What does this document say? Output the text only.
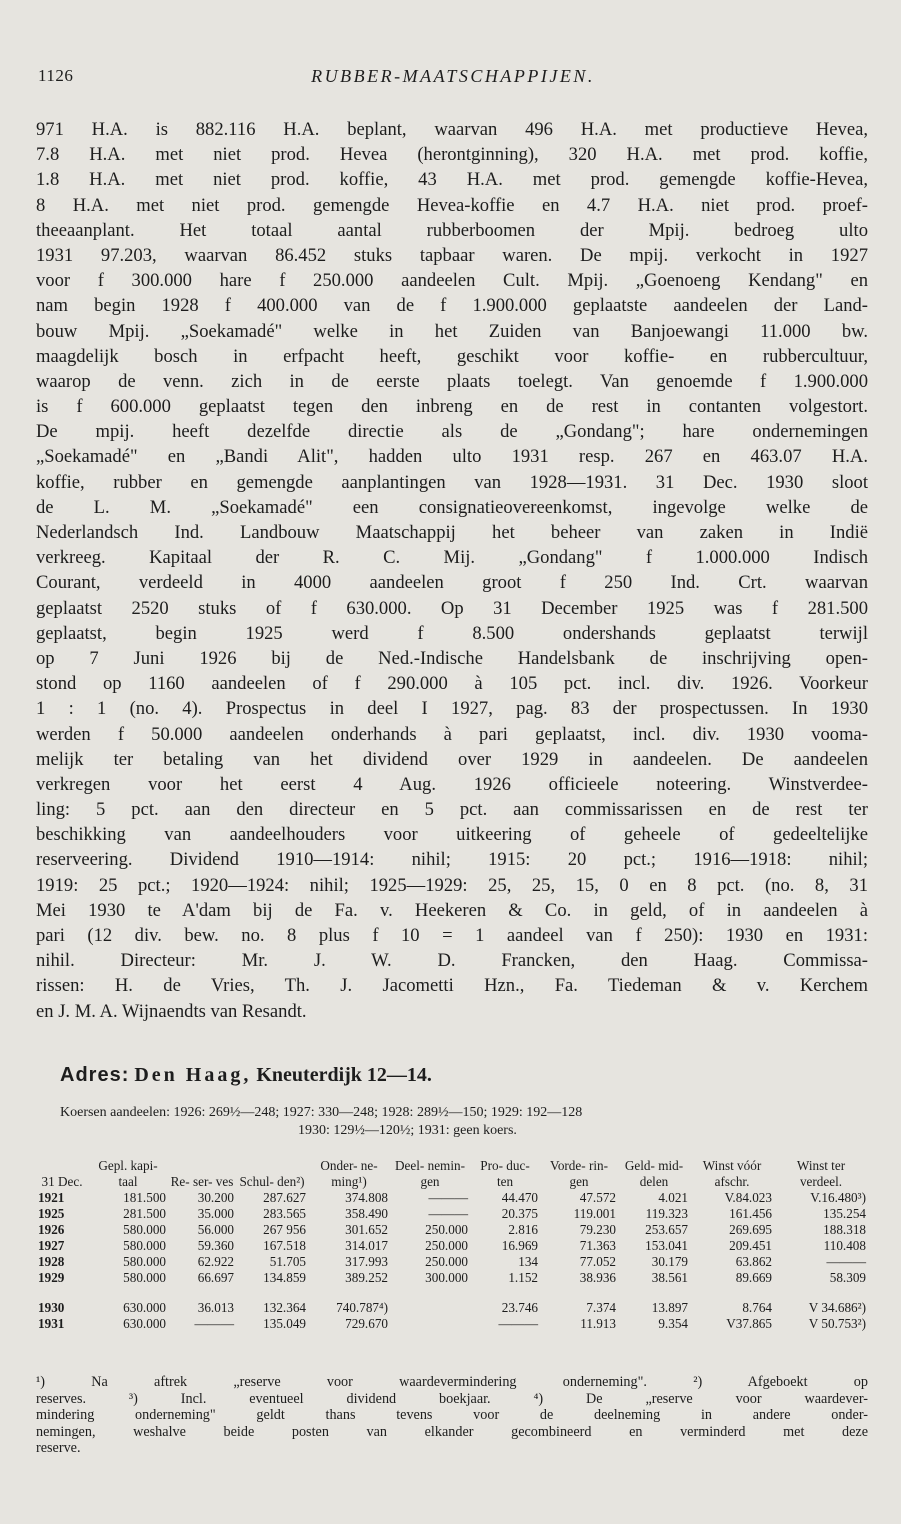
1126	RUBBER-MAATSCHAPPIJEN.
971 H.A. is 882.116 H.A. beplant, waarvan 496 H.A. met productieve Hevea,
7.8 H.A. met niet prod. Hevea (herontginning), 320 H.A. met prod. koffie,
1.8 H.A. met niet prod. koffie, 43 H.A. met prod. gemengde koffie-Hevea,
8 H.A. met niet prod. gemengde Hevea-koffie en 4.7 H.A. niet prod. proef-
theeaanplant. Het totaal aantal rubberboomen der Mpij. bedroeg ulto
1931 97.203, waarvan 86.452 stuks tapbaar waren. De mpij. verkocht in 1927
voor f 300.000 hare f 250.000 aandeelen Cult. Mpij. „Goenoeng Kendang" en
nam begin 1928 f 400.000 van de f 1.900.000 geplaatste aandeelen der Land-
bouw Mpij. „Soekamadé" welke in het Zuiden van Banjoewangi 11.000 bw.
maagdelijk bosch in erfpacht heeft, geschikt voor koffie- en rubbercultuur,
waarop de venn. zich in de eerste plaats toelegt. Van genoemde f 1.900.000
is f 600.000 geplaatst tegen den inbreng en de rest in contanten volgestort.
De mpij. heeft dezelfde directie als de „Gondang"; hare ondernemingen
„Soekamadé" en „Bandi Alit", hadden ulto 1931 resp. 267 en 463.07 H.A.
koffie, rubber en gemengde aanplantingen van 1928—1931. 31 Dec. 1930 sloot
de L. M. „Soekamadé" een consignatieovereenkomst, ingevolge welke de
Nederlandsch Ind. Landbouw Maatschappij het beheer van zaken in Indië
verkreeg. Kapitaal der R. C. Mij. „Gondang" f 1.000.000 Indisch
Courant, verdeeld in 4000 aandeelen groot f 250 Ind. Crt. waarvan
geplaatst 2520 stuks of f 630.000. Op 31 December 1925 was f 281.500
geplaatst, begin 1925 werd f 8.500 ondershands geplaatst terwijl
op 7 Juni 1926 bij de Ned.-Indische Handelsbank de inschrijving open-
stond op 1160 aandeelen of f 290.000 à 105 pct. incl. div. 1926. Voorkeur
1 : 1 (no. 4). Prospectus in deel I 1927, pag. 83 der prospectussen. In 1930
werden f 50.000 aandeelen onderhands à pari geplaatst, incl. div. 1930 vooma-
melijk ter betaling van het dividend over 1929 in aandeelen. De aandeelen
verkregen voor het eerst 4 Aug. 1926 officieele noteering. Winstverdee-
ling: 5 pct. aan den directeur en 5 pct. aan commissarissen en de rest ter
beschikking van aandeelhouders voor uitkeering of geheele of gedeeltelijke
reserveering. Dividend 1910—1914: nihil; 1915: 20 pct.; 1916—1918: nihil;
1919: 25 pct.; 1920—1924: nihil; 1925—1929: 25, 25, 15, 0 en 8 pct. (no. 8, 31
Mei 1930 te A'dam bij de Fa. v. Heekeren & Co. in geld, of in aandeelen à
pari (12 div. bew. no. 8 plus f 10 = 1 aandeel van f 250): 1930 en 1931:
nihil. Directeur: Mr. J. W. D. Francken, den Haag. Commissa-
rissen: H. de Vries, Th. J. Jacometti Hzn., Fa. Tiedeman & v. Kerchem
en J. M. A. Wijnaendts van Resandt.
Adres: Den Haag, Kneuterdijk 12—14.
Koersen aandeelen: 1926: 269½—248; 1927: 330—248; 1928: 289½—150; 1929: 192—128
1930: 129½—120½; 1931: geen koers.
31 Dec.	Gepl. kapi- taal	Re- ser- ves	Schul- den²)	Onder- ne- ming¹)	Deel- nemin- gen	Pro- duc- ten	Vorde- rin- gen	Geld- mid- delen	Winst vóór afschr.	Winst ter verdeel.
1921	181.500	30.200	287.627	374.808	———	44.470	47.572	4.021	V.84.023	V.16.480³)
1925	281.500	35.000	283.565	358.490	———	20.375	119.001	119.323	161.456	135.254
1926	580.000	56.000	267 956	301.652	250.000	2.816	79.230	253.657	269.695	188.318
1927	580.000	59.360	167.518	314.017	250.000	16.969	71.363	153.041	209.451	110.408
1928	580.000	62.922	51.705	317.993	250.000	134	77.052	30.179	63.862	———
1929	580.000	66.697	134.859	389.252	300.000	1.152	38.936	38.561	89.669	58.309
1930	630.000	36.013	132.364	740.787⁴)		23.746	7.374	13.897	8.764	V 34.686²)
1931	630.000	———	135.049	729.670		———	11.913	9.354	V37.865	V 50.753²)
¹) Na aftrek „reserve voor waardevermindering onderneming". ²) Afgeboekt op
reserves. ³) Incl. eventueel dividend boekjaar. ⁴) De „reserve voor waardever-
mindering onderneming" geldt thans tevens voor de deelneming in andere onder-
nemingen, weshalve beide posten van elkander gecombineerd en verminderd met deze
reserve.
